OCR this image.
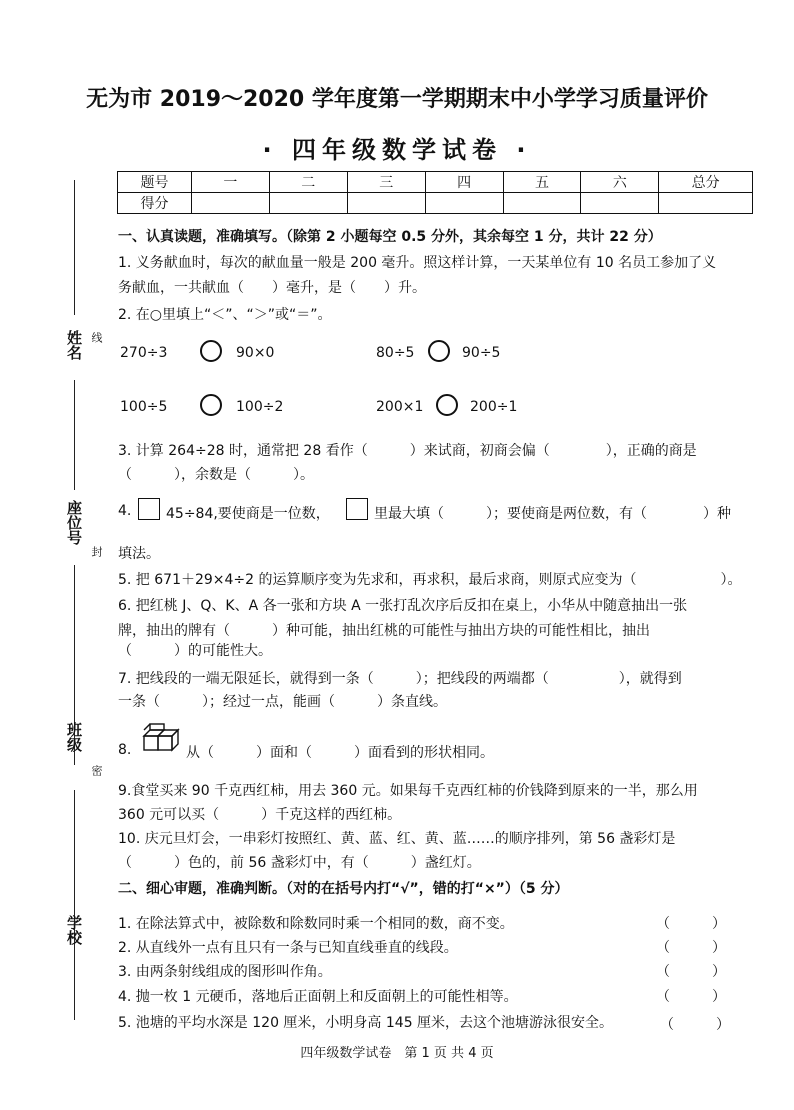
无为市 2019～2020 学年度第一学期期末中小学学习质量评价
· 四年级数学试卷 ·
题号	一	二	三	四	五	六	总分
得分							
姓名 线
座位号
封
班级
密
学校
一、认真读题，准确填写。（除第 2 小题每空 0.5 分外，其余每空 1 分，共计 22 分）
1. 义务献血时，每次的献血量一般是 200 毫升。照这样计算，一天某单位有 10 名员工参加了义
务献血，一共献血（　　）毫升，是（　　）升。
2. 在○里填上“＜”、“＞”或“＝”。
270÷3	90×0	80÷5	90÷5
100÷5	100÷2	200×1	200÷1
3. 计算 264÷28 时，通常把 28 看作（　　　）来试商，初商会偏（　　　　），正确的商是
（　　　），余数是（　　　）。
4. 45÷84,要使商是一位数，	里最大填（　　　）；要使商是两位数，有（　　　　）种
填法。
5. 把 671＋29×4÷2 的运算顺序变为先求和，再求积，最后求商，则原式应变为（　　　　　　）。
6. 把红桃 J、Q、K、A 各一张和方块 A 一张打乱次序后反扣在桌上，小华从中随意抽出一张
牌，抽出的牌有（　　　）种可能，抽出红桃的可能性与抽出方块的可能性相比，抽出
（　　　）的可能性大。
7. 把线段的一端无限延长，就得到一条（　　　）；把线段的两端都（　　　　　），就得到
一条（　　　）；经过一点，能画（　　　）条直线。
8.	从（　　　）面和（　　　）面看到的形状相同。
9.食堂买来 90 千克西红柿，用去 360 元。如果每千克西红柿的价钱降到原来的一半，那么用
360 元可以买（　　　）千克这样的西红柿。
10. 庆元旦灯会，一串彩灯按照红、黄、蓝、红、黄、蓝……的顺序排列，第 56 盏彩灯是
（　　　）色的，前 56 盏彩灯中，有（　　　）盏红灯。
二、细心审题，准确判断。（对的在括号内打“√”，错的打“×”）（5 分）
1. 在除法算式中，被除数和除数同时乘一个相同的数，商不变。	（　　　）
2. 从直线外一点有且只有一条与已知直线垂直的线段。	（　　　）
3. 由两条射线组成的图形叫作角。	（　　　）
4. 抛一枚 1 元硬币，落地后正面朝上和反面朝上的可能性相等。	（　　　）
5. 池塘的平均水深是 120 厘米，小明身高 145 厘米，去这个池塘游泳很安全。	（　　　）
四年级数学试卷　第 1 页 共 4 页
